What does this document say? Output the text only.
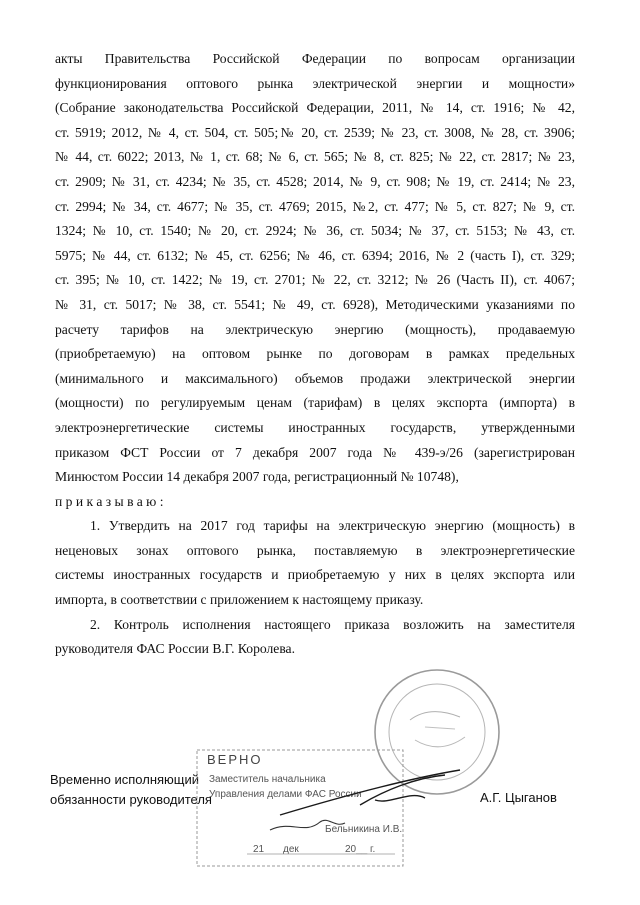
акты Правительства Российской Федерации по вопросам организации
функционирования оптового рынка электрической энергии и мощности»
(Собрание законодательства Российской Федерации, 2011, № 14, ст. 1916; № 42,
ст. 5919; 2012, № 4, ст. 504, ст. 505;№ 20, ст. 2539; № 23, ст. 3008, № 28, ст. 3906;
№ 44, ст. 6022; 2013, № 1, ст. 68; № 6, ст. 565; № 8, ст. 825; № 22, ст. 2817; № 23,
ст. 2909; № 31, ст. 4234; № 35, ст. 4528; 2014, № 9, ст. 908; № 19, ст. 2414; № 23,
ст. 2994; № 34, ст. 4677; № 35, ст. 4769; 2015, №2, ст. 477; № 5, ст. 827; № 9, ст.
1324; № 10, ст. 1540; № 20, ст. 2924; № 36, ст. 5034; № 37, ст. 5153; № 43, ст.
5975; № 44, ст. 6132; № 45, ст. 6256; № 46, ст. 6394; 2016, № 2 (часть I), ст. 329;
ст. 395; № 10, ст. 1422; № 19, ст. 2701; № 22, ст. 3212; № 26 (Часть II), ст. 4067;
№ 31, ст. 5017; № 38, ст. 5541; № 49, ст. 6928), Методическими указаниями по
расчету тарифов на электрическую энергию (мощность), продаваемую
(приобретаемую) на оптовом рынке по договорам в рамках предельных
(минимального и максимального) объемов продажи электрической энергии
(мощности) по регулируемым ценам (тарифам) в целях экспорта (импорта) в
электроэнергетические системы иностранных государств, утвержденными
приказом ФСТ России от 7 декабря 2007 года № 439-э/26 (зарегистрирован
Минюстом России 14 декабря 2007 года, регистрационный № 10748),
приказываю:
1. Утвердить на 2017 год тарифы на электрическую энергию (мощность) в
неценовых зонах оптового рынка, поставляемую в электроэнергетические
системы иностранных государств и приобретаемую у них в целях экспорта или
импорта, в соответствии с приложением к настоящему приказу.
2. Контроль исполнения настоящего приказа возложить на заместителя
руководителя ФАС России В.Г. Королева.
Временно исполняющий
обязанности руководителя
ВЕРНО
Заместитель начальника
Управления делами ФАС России
Бельникина И.В.
21 дек	20__ г.
А.Г. Цыганов
